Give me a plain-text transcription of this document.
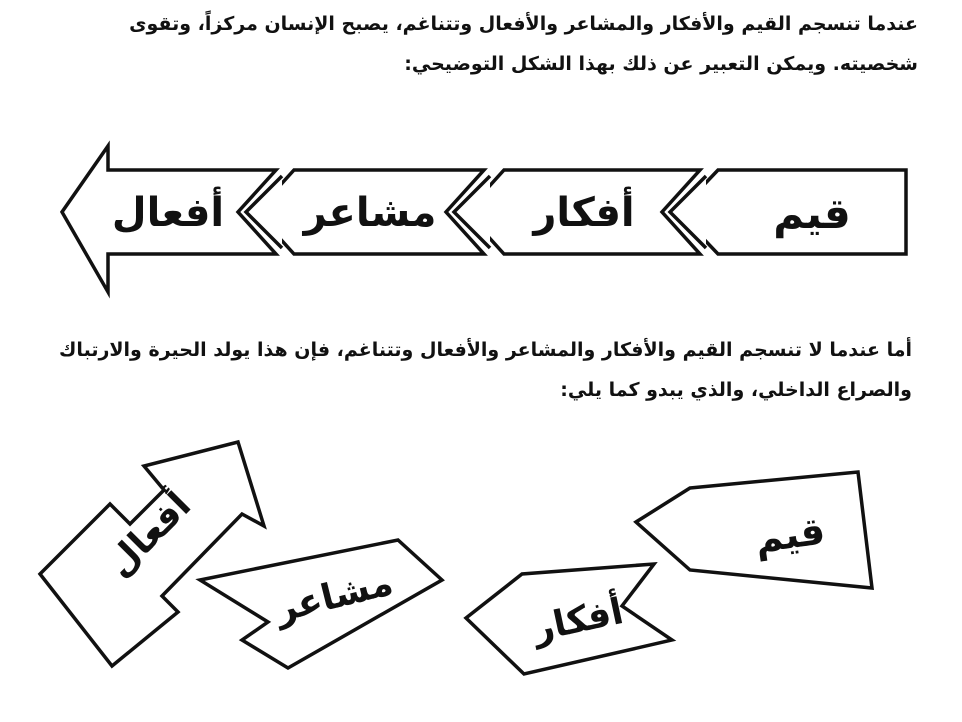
عندما تنسجم القيم والأفكار والمشاعر والأفعال وتتناغم، يصبح الإنسان مركزاً، وتقوى شخصيته. ويمكن التعبير عن ذلك بهذا الشكل التوضيحي:

قيم
أفكار
مشاعر
أفعال
قيم
أفكار
مشاعر
أفعال

أما عندما لا تنسجم القيم والأفكار والمشاعر والأفعال وتتناغم، فإن هذا يولد الحيرة والارتباك والصراع الداخلي، والذي يبدو كما يلي:
